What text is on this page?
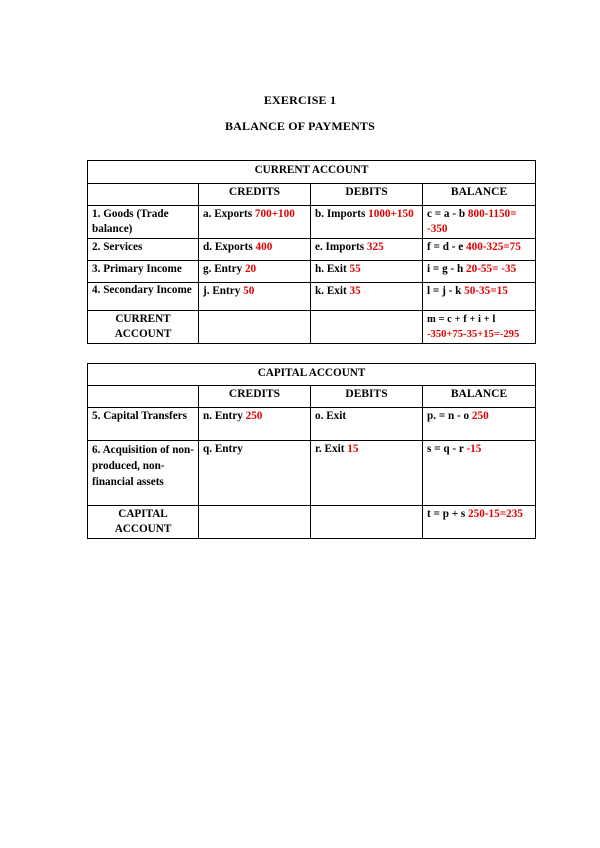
EXERCISE 1
BALANCE OF PAYMENTS
CURRENT ACCOUNT			
	CREDITS	DEBITS	BALANCE
1. Goods (Trade balance)	a. Exports 700+100	b. Imports 1000+150	c = a - b 800-1150= -350
2. Services	d. Exports 400	e. Imports 325	f = d - e 400-325=75
3. Primary Income	g. Entry 20	h. Exit 55	i = g - h 20-55= -35
4. Secondary Income	j. Entry 50	k. Exit 35	l = j - k 50-35=15
CURRENT ACCOUNT			m = c + f + i + l
-350+75-35+15=-295
CAPITAL ACCOUNT			
	CREDITS	DEBITS	BALANCE
5. Capital Transfers	n. Entry 250	o. Exit	p. = n - o 250
6. Acquisition of non-produced, non-financial assets	q. Entry	r. Exit 15	s = q - r -15
CAPITAL ACCOUNT			t = p + s 250-15=235
